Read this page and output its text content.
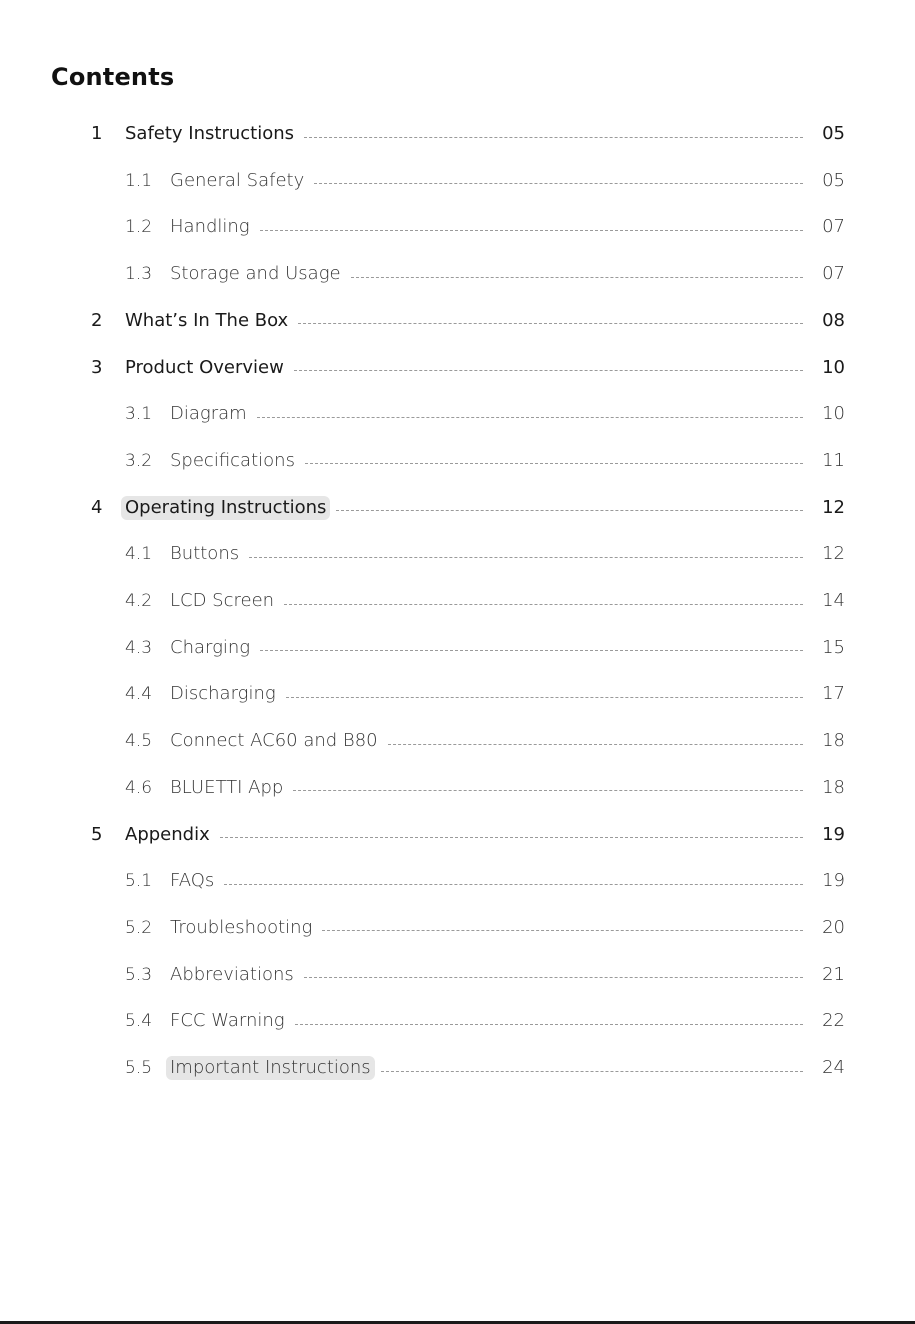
Contents
1 Safety Instructions	05
1.1 General Safety	05
1.2 Handling	07
1.3 Storage and Usage	07
2 What’s In The Box	08
3 Product Overview	10
3.1 Diagram	10
3.2 Specifications	11
4 Operating Instructions	12
4.1 Buttons	12
4.2 LCD Screen	14
4.3 Charging	15
4.4 Discharging	17
4.5 Connect AC60 and B80	18
4.6 BLUETTI App	18
5 Appendix	19
5.1 FAQs	19
5.2 Troubleshooting	20
5.3 Abbreviations	21
5.4 FCC Warning	22
5.5 Important Instructions	24
